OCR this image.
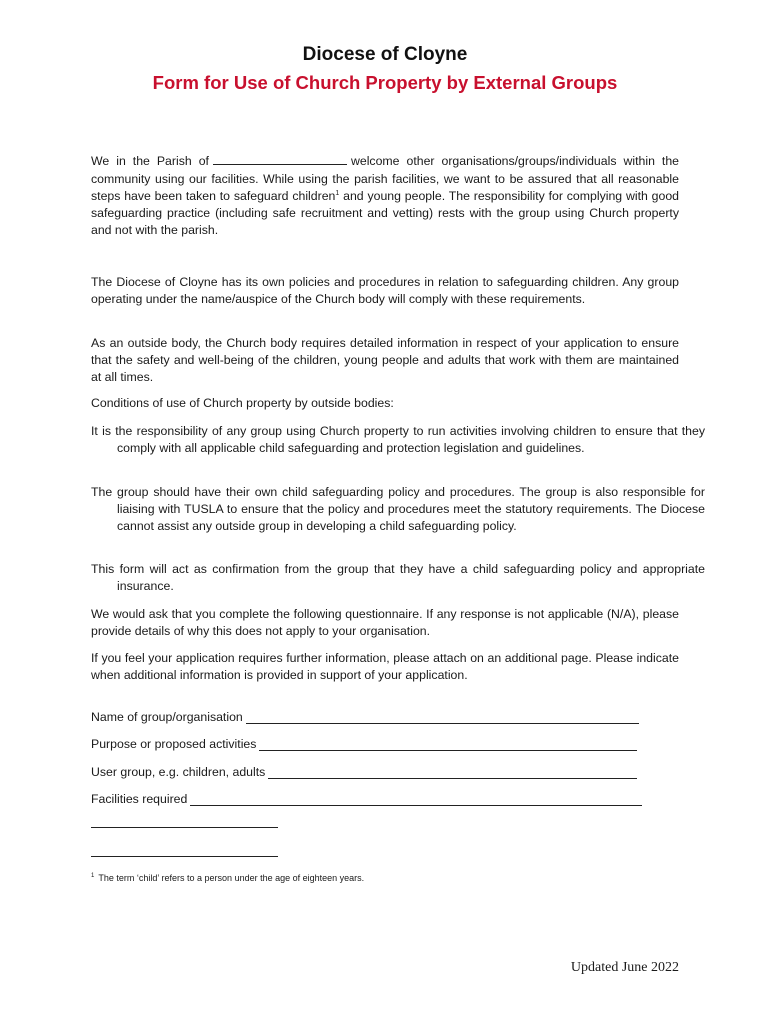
Diocese of Cloyne
Form for Use of Church Property by External Groups

We in the Parish of	welcome other organisations/groups/individuals within the community using our facilities. While using the parish facilities, we want to be assured that all reasonable steps have been taken to safeguard children$^1$ and young people. The responsibility for complying with good safeguarding practice (including safe recruitment and vetting) rests with the group using Church property and not with the parish.

The Diocese of Cloyne has its own policies and procedures in relation to safeguarding children. Any group operating under the name/auspice of the Church body will comply with these requirements.

As an outside body, the Church body requires detailed information in respect of your application to ensure that the safety and well-being of the children, young people and adults that work with them are maintained at all times.

Conditions of use of Church property by outside bodies:

It is the responsibility of any group using Church property to run activities involving children to ensure that they comply with all applicable child safeguarding and protection legislation and guidelines.

The group should have their own child safeguarding policy and procedures. The group is also responsible for liaising with TUSLA to ensure that the policy and procedures meet the statutory requirements. The Diocese cannot assist any outside group in developing a child safeguarding policy.

This form will act as confirmation from the group that they have a child safeguarding policy and appropriate insurance.

We would ask that you complete the following questionnaire. If any response is not applicable (N/A), please provide details of why this does not apply to your organisation.

If you feel your application requires further information, please attach on an additional page. Please indicate when additional information is provided in support of your application.

Name of group/organisation
Purpose or proposed activities
User group, e.g. children, adults
Facilities required
$^1$ The term ‘child’ refers to a person under the age of eighteen years.
Updated June 2022
